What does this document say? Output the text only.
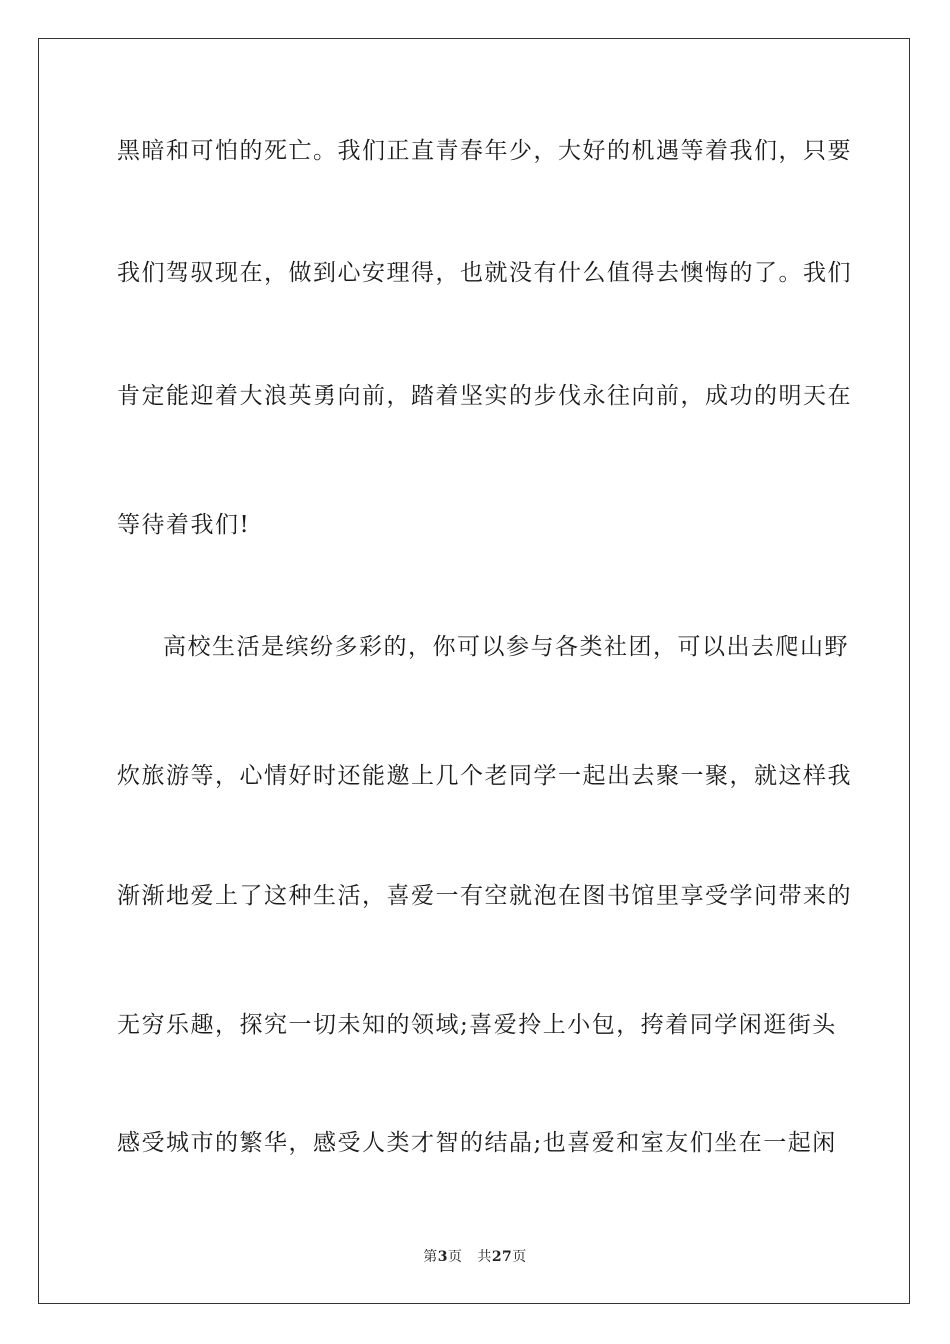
黑暗和可怕的死亡。我们正直青春年少，大好的机遇等着我们，只要
我们驾驭现在，做到心安理得，也就没有什么值得去懊悔的了。我们
肯定能迎着大浪英勇向前，踏着坚实的步伐永往向前，成功的明天在
等待着我们!
高校生活是缤纷多彩的，你可以参与各类社团，可以出去爬山野
炊旅游等，心情好时还能邀上几个老同学一起出去聚一聚，就这样我
渐渐地爱上了这种生活，喜爱一有空就泡在图书馆里享受学问带来的
无穷乐趣，探究一切未知的领域;喜爱拎上小包，挎着同学闲逛街头
感受城市的繁华，感受人类才智的结晶;也喜爱和室友们坐在一起闲
第3页 共27页
